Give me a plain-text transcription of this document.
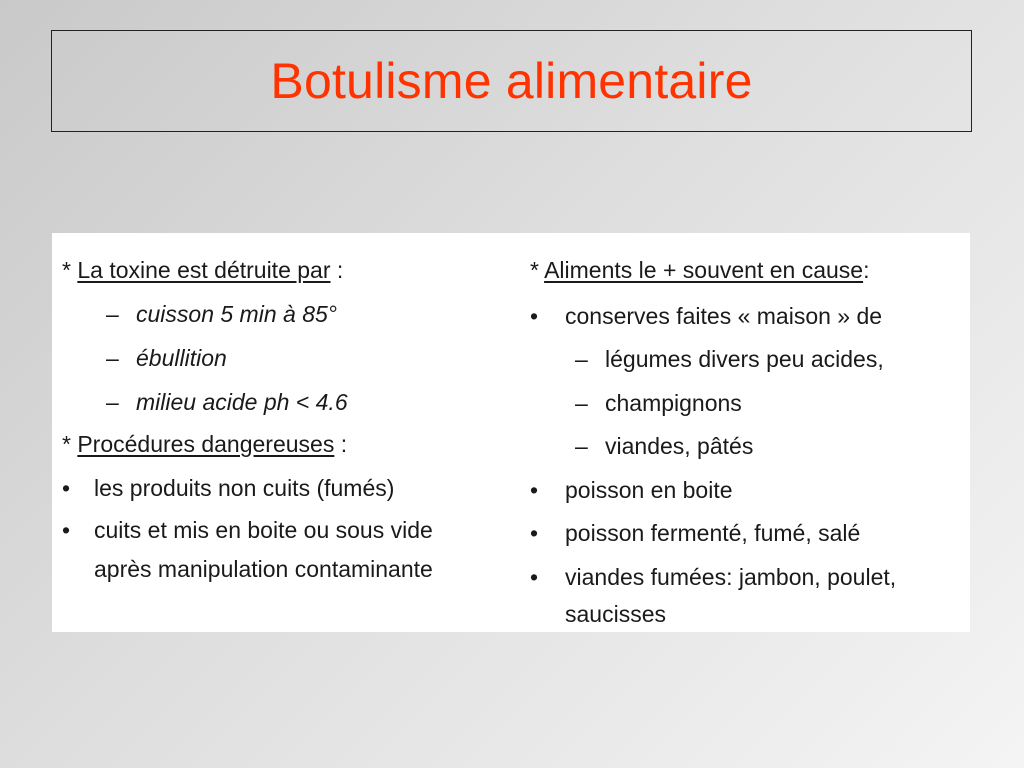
Botulisme alimentaire
* La toxine est détruite par :
– cuisson 5 min à 85°
– ébullition
– milieu acide ph < 4.6
* Procédures dangereuses :
• les produits non cuits (fumés)
• cuits et mis en boite ou sous vide
après manipulation contaminante
* Aliments le + souvent en cause:
• conserves faites « maison » de
– légumes divers peu acides,
– champignons
– viandes, pâtés
• poisson en boite
• poisson fermenté, fumé, salé
• viandes fumées: jambon, poulet,
saucisses
